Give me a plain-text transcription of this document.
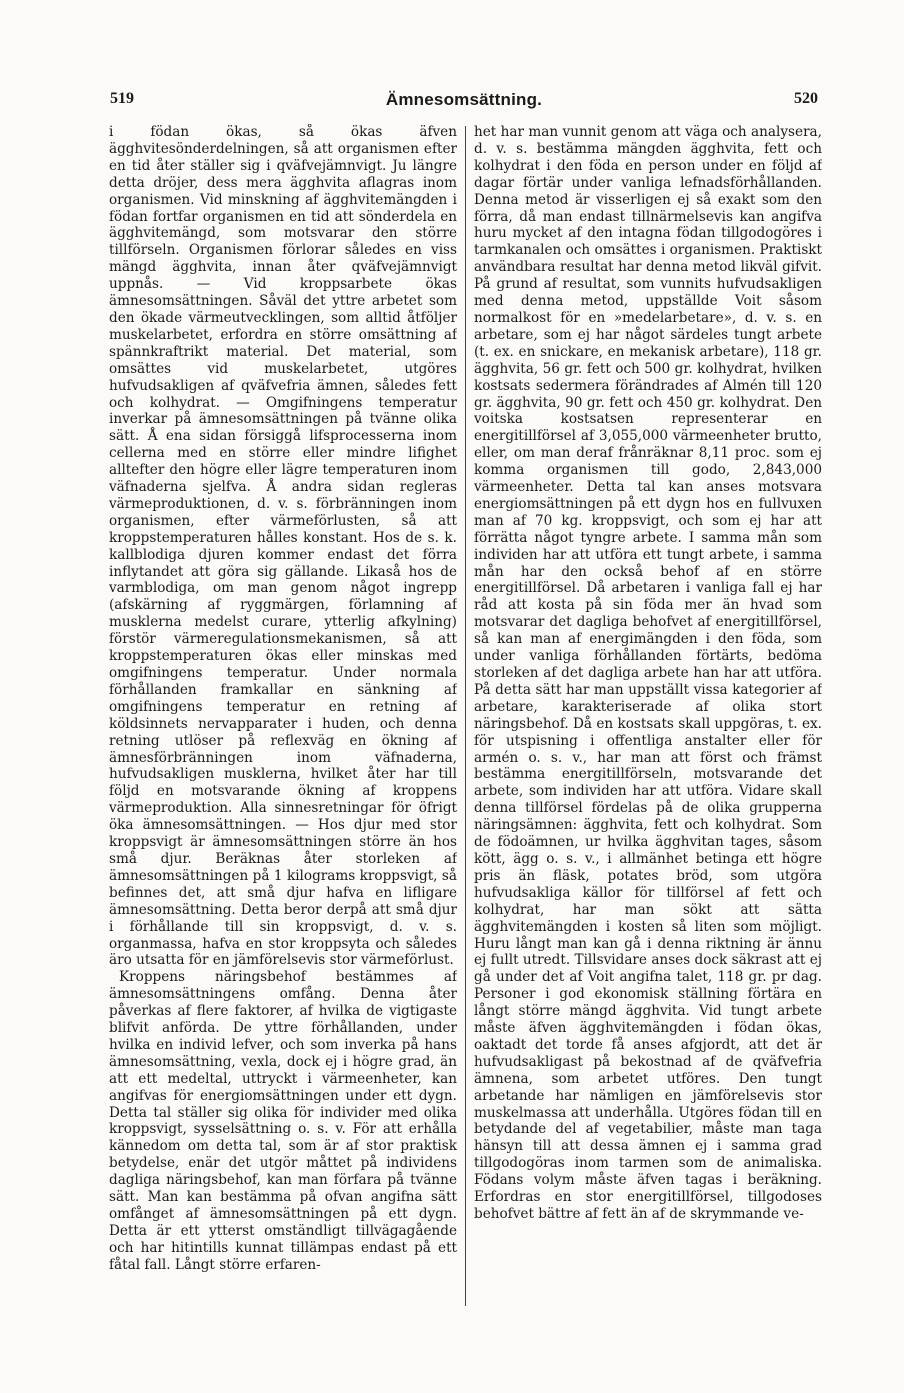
519	Ämnesomsättning.	520

i födan ökas, så ökas äfven ägghvitesönderdelningen, så att organismen efter en tid åter ställer sig i qväfvejämnvigt. Ju längre detta dröjer, dess mera ägghvita aflagras inom organismen. Vid minskning af ägghvitemängden i födan fortfar organismen en tid att sönderdela en ägghvitemängd, som motsvarar den större tillförseln. Organismen förlorar således en viss mängd ägghvita, innan åter qväfvejämnvigt uppnås. — Vid kroppsarbete ökas ämnesomsättningen. Såväl det yttre arbetet som den ökade värmeutvecklingen, som alltid åtföljer muskelarbetet, erfordra en större omsättning af spännkraftrikt material. Det material, som omsättes vid muskelarbetet, utgöres hufvudsakligen af qväfvefria ämnen, således fett och kolhydrat. — Omgifningens temperatur inverkar på ämnesomsättningen på tvänne olika sätt. Å ena sidan försiggå lifsprocesserna inom cellerna med en större eller mindre lifighet alltefter den högre eller lägre temperaturen inom väfnaderna sjelfva. Å andra sidan regleras värmeproduktionen, d. v. s. förbränningen inom organismen, efter värmeförlusten, så att kroppstemperaturen hålles konstant. Hos de s. k. kallblodiga djuren kommer endast det förra inflytandet att göra sig gällande. Likaså hos de varmblodiga, om man genom något ingrepp (afskärning af ryggmärgen, förlamning af musklerna medelst curare, ytterlig afkylning) förstör värmeregulationsmekanismen, så att kroppstemperaturen ökas eller minskas med omgifningens temperatur. Under normala förhållanden framkallar en sänkning af omgifningens temperatur en retning af köldsinnets nervapparater i huden, och denna retning utlöser på reflexväg en ökning af ämnesförbränningen inom väfnaderna, hufvudsakligen musklerna, hvilket åter har till följd en motsvarande ökning af kroppens värmeproduktion. Alla sinnesretningar för öfrigt öka ämnesomsättningen. — Hos djur med stor kroppsvigt är ämnesomsättningen större än hos små djur. Beräknas åter storleken af ämnesomsättningen på 1 kilograms kroppsvigt, så befinnes det, att små djur hafva en lifligare ämnesomsättning. Detta beror derpå att små djur i förhållande till sin kroppsvigt, d. v. s. organmassa, hafva en stor kroppsyta och således äro utsatta för en jämförelsevis stor värmeförlust.

Kroppens näringsbehof bestämmes af ämnesomsättningens omfång. Denna åter påverkas af flere faktorer, af hvilka de vigtigaste blifvit anförda. De yttre förhållanden, under hvilka en individ lefver, och som inverka på hans ämnesomsättning, vexla, dock ej i högre grad, än att ett medeltal, uttryckt i värmeenheter, kan angifvas för energiomsättningen under ett dygn. Detta tal ställer sig olika för individer med olika kroppsvigt, sysselsättning o. s. v. För att erhålla kännedom om detta tal, som är af stor praktisk betydelse, enär det utgör måttet på individens dagliga näringsbehof, kan man förfara på tvänne sätt. Man kan bestämma på ofvan angifna sätt omfånget af ämnesomsättningen på ett dygn. Detta är ett ytterst omständligt tillvägagående och har hitintills kunnat tillämpas endast på ett fåtal fall. Långt större erfaren-

het har man vunnit genom att väga och analysera, d. v. s. bestämma mängden ägghvita, fett och kolhydrat i den föda en person under en följd af dagar förtär under vanliga lefnadsförhållanden. Denna metod är visserligen ej så exakt som den förra, då man endast tillnärmelsevis kan angifva huru mycket af den intagna födan tillgodogöres i tarmkanalen och omsättes i organismen. Praktiskt användbara resultat har denna metod likväl gifvit. På grund af resultat, som vunnits hufvudsakligen med denna metod, uppställde Voit såsom normalkost för en »medelarbetare», d. v. s. en arbetare, som ej har något särdeles tungt arbete (t. ex. en snickare, en mekanisk arbetare), 118 gr. ägghvita, 56 gr. fett och 500 gr. kolhydrat, hvilken kostsats sedermera förändrades af Almén till 120 gr. ägghvita, 90 gr. fett och 450 gr. kolhydrat. Den voitska kostsatsen representerar en energitillförsel af 3,055,000 värmeenheter brutto, eller, om man deraf frånräknar 8,11 proc. som ej komma organismen till godo, 2,843,000 värmeenheter. Detta tal kan anses motsvara energiomsättningen på ett dygn hos en fullvuxen man af 70 kg. kroppsvigt, och som ej har att förrätta något tyngre arbete. I samma mån som individen har att utföra ett tungt arbete, i samma mån har den också behof af en större energitillförsel. Då arbetaren i vanliga fall ej har råd att kosta på sin föda mer än hvad som motsvarar det dagliga behofvet af energitillförsel, så kan man af energimängden i den föda, som under vanliga förhållanden förtärts, bedöma storleken af det dagliga arbete han har att utföra. På detta sätt har man uppställt vissa kategorier af arbetare, karakteriserade af olika stort näringsbehof. Då en kostsats skall uppgöras, t. ex. för utspisning i offentliga anstalter eller för armén o. s. v., har man att först och främst bestämma energitillförseln, motsvarande det arbete, som individen har att utföra. Vidare skall denna tillförsel fördelas på de olika grupperna näringsämnen: ägghvita, fett och kolhydrat. Som de födoämnen, ur hvilka ägghvitan tages, såsom kött, ägg o. s. v., i allmänhet betinga ett högre pris än fläsk, potates bröd, som utgöra hufvudsakliga källor för tillförsel af fett och kolhydrat, har man sökt att sätta ägghvitemängden i kosten så liten som möjligt. Huru långt man kan gå i denna riktning är ännu ej fullt utredt. Tillsvidare anses dock säkrast att ej gå under det af Voit angifna talet, 118 gr. pr dag. Personer i god ekonomisk ställning förtära en långt större mängd ägghvita. Vid tungt arbete måste äfven ägghvitemängden i födan ökas, oaktadt det torde få anses afgjordt, att det är hufvudsakligast på bekostnad af de qväfvefria ämnena, som arbetet utföres. Den tungt arbetande har nämligen en jämförelsevis stor muskelmassa att underhålla. Utgöres födan till en betydande del af vegetabilier, måste man taga hänsyn till att dessa ämnen ej i samma grad tillgodogöras inom tarmen som de animaliska. Födans volym måste äfven tagas i beräkning. Erfordras en stor energitillförsel, tillgodoses behofvet bättre af fett än af de skrymmande ve-
